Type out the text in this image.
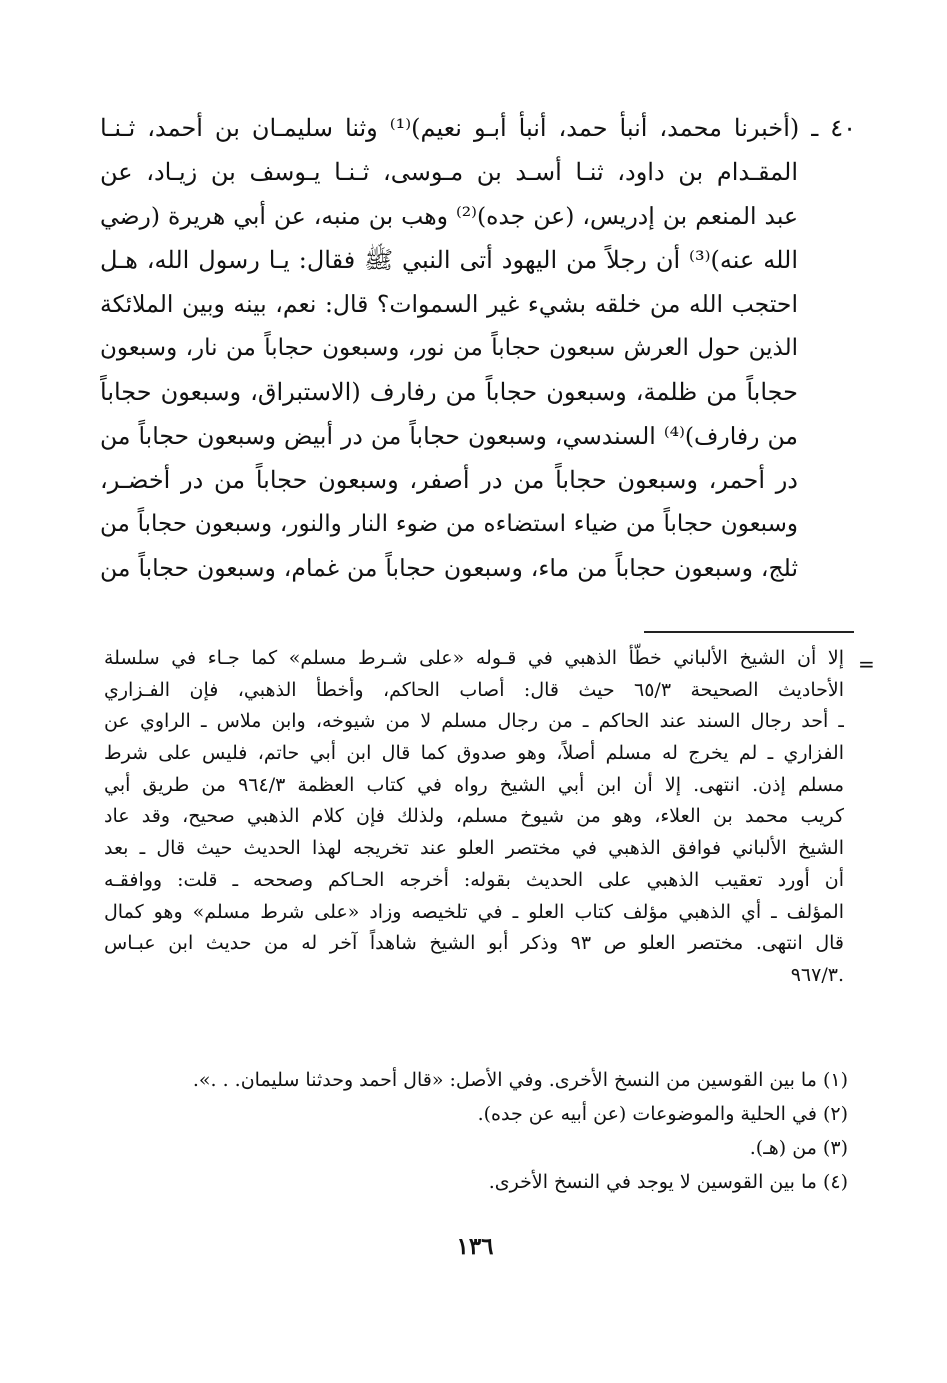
٤٠ ـ (أخبرنا محمد، أنبأ حمد، أنبأ أبـو نعيم)⁽¹⁾ وثنا سليمـان بن أحمد، ثـنـا
المقـدام بن داود، ثنـا أسـد بن مـوسى، ثـنـا يـوسف بن زيـاد، عن
عبد المنعم بن إدريس، (عن جده)⁽²⁾ وهب بن منبه، عن أبي هريرة (رضي
الله عنه)⁽³⁾ أن رجلاً من اليهود أتى النبي ﷺ فقال: يـا رسول الله، هـل
احتجب الله من خلقه بشيء غير السموات؟ قال: نعم، بينه وبين الملائكة
الذين حول العرش سبعون حجاباً من نور، وسبعون حجاباً من نار، وسبعون
حجاباً من ظلمة، وسبعون حجاباً من رفارف (الاستبراق، وسبعون حجاباً
من رفارف)⁽⁴⁾ السندسي، وسبعون حجاباً من در أبيض وسبعون حجاباً من
در أحمر، وسبعون حجاباً من در أصفر، وسبعون حجاباً من در أخضـر،
وسبعون حجاباً من ضياء استضاءه من ضوء النار والنور، وسبعون حجاباً من
ثلج، وسبعون حجاباً من ماء، وسبعون حجاباً من غمام، وسبعون حجاباً من
=
إلا أن الشيخ الألباني خطّأ الذهبي في قـوله «على شـرط مسلم» كما جـاء في سلسلة
الأحاديث الصحيحة ٦٥/٣ حيث قال: أصاب الحاكم، وأخطأ الذهبي، فإن الفـزاري
ـ أحد رجال السند عند الحاكم ـ من رجال مسلم لا من شيوخه، وابن ملاس ـ الراوي عن
الفزاري ـ لم يخرج له مسلم أصلاً، وهو صدوق كما قال ابن أبي حاتم، فليس على شرط
مسلم إذن. انتهى. إلا أن ابن أبي الشيخ رواه في كتاب العظمة ٩٦٤/٣ من طريق أبي
كريب محمد بن العلاء، وهو من شيوخ مسلم، ولذلك فإن كلام الذهبي صحيح، وقد عاد
الشيخ الألباني فوافق الذهبي في مختصر العلو عند تخريجه لهذا الحديث حيث قال ـ بعد
أن أورد تعقيب الذهبي على الحديث بقوله: أخرجه الحـاكم وصححه ـ قلت: ووافقـه
المؤلف ـ أي الذهبي مؤلف كتاب العلو ـ في تلخيصه وزاد «على شرط مسلم» وهو كمال
قال انتهى. مختصر العلو ص ٩٣ وذكر أبو الشيخ شاهداً آخر له من حديث ابن عبـاس
.٩٦٧/٣
(١) ما بين القوسين من النسخ الأخرى. وفي الأصل: «قال أحمد وحدثنا سليمان. . .».
(٢) في الحلية والموضوعات (عن أبيه عن جده).
(٣) من (هـ).
(٤) ما بين القوسين لا يوجد في النسخ الأخرى.
١٣٦
